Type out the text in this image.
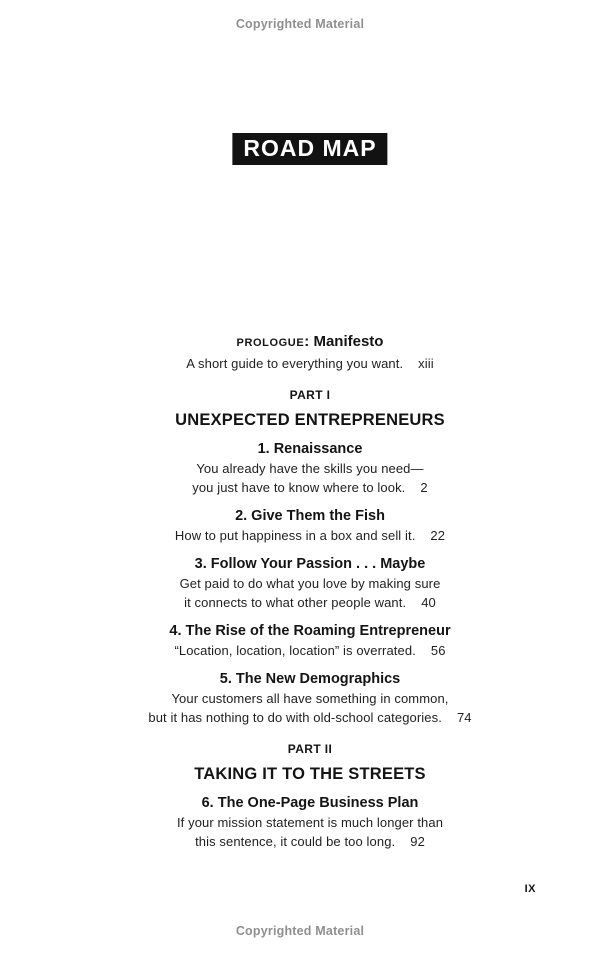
Copyrighted Material
ROAD MAP
PROLOGUE: Manifesto
A short guide to everything you want. xiii
PART I
UNEXPECTED ENTREPRENEURS
1. Renaissance
You already have the skills you need—
you just have to know where to look. 2
2. Give Them the Fish
How to put happiness in a box and sell it. 22
3. Follow Your Passion . . . Maybe
Get paid to do what you love by making sure
it connects to what other people want. 40
4. The Rise of the Roaming Entrepreneur
“Location, location, location” is overrated. 56
5. The New Demographics
Your customers all have something in common,
but it has nothing to do with old-school categories. 74
PART II
TAKING IT TO THE STREETS
6. The One-Page Business Plan
If your mission statement is much longer than
this sentence, it could be too long. 92
IX
Copyrighted Material
